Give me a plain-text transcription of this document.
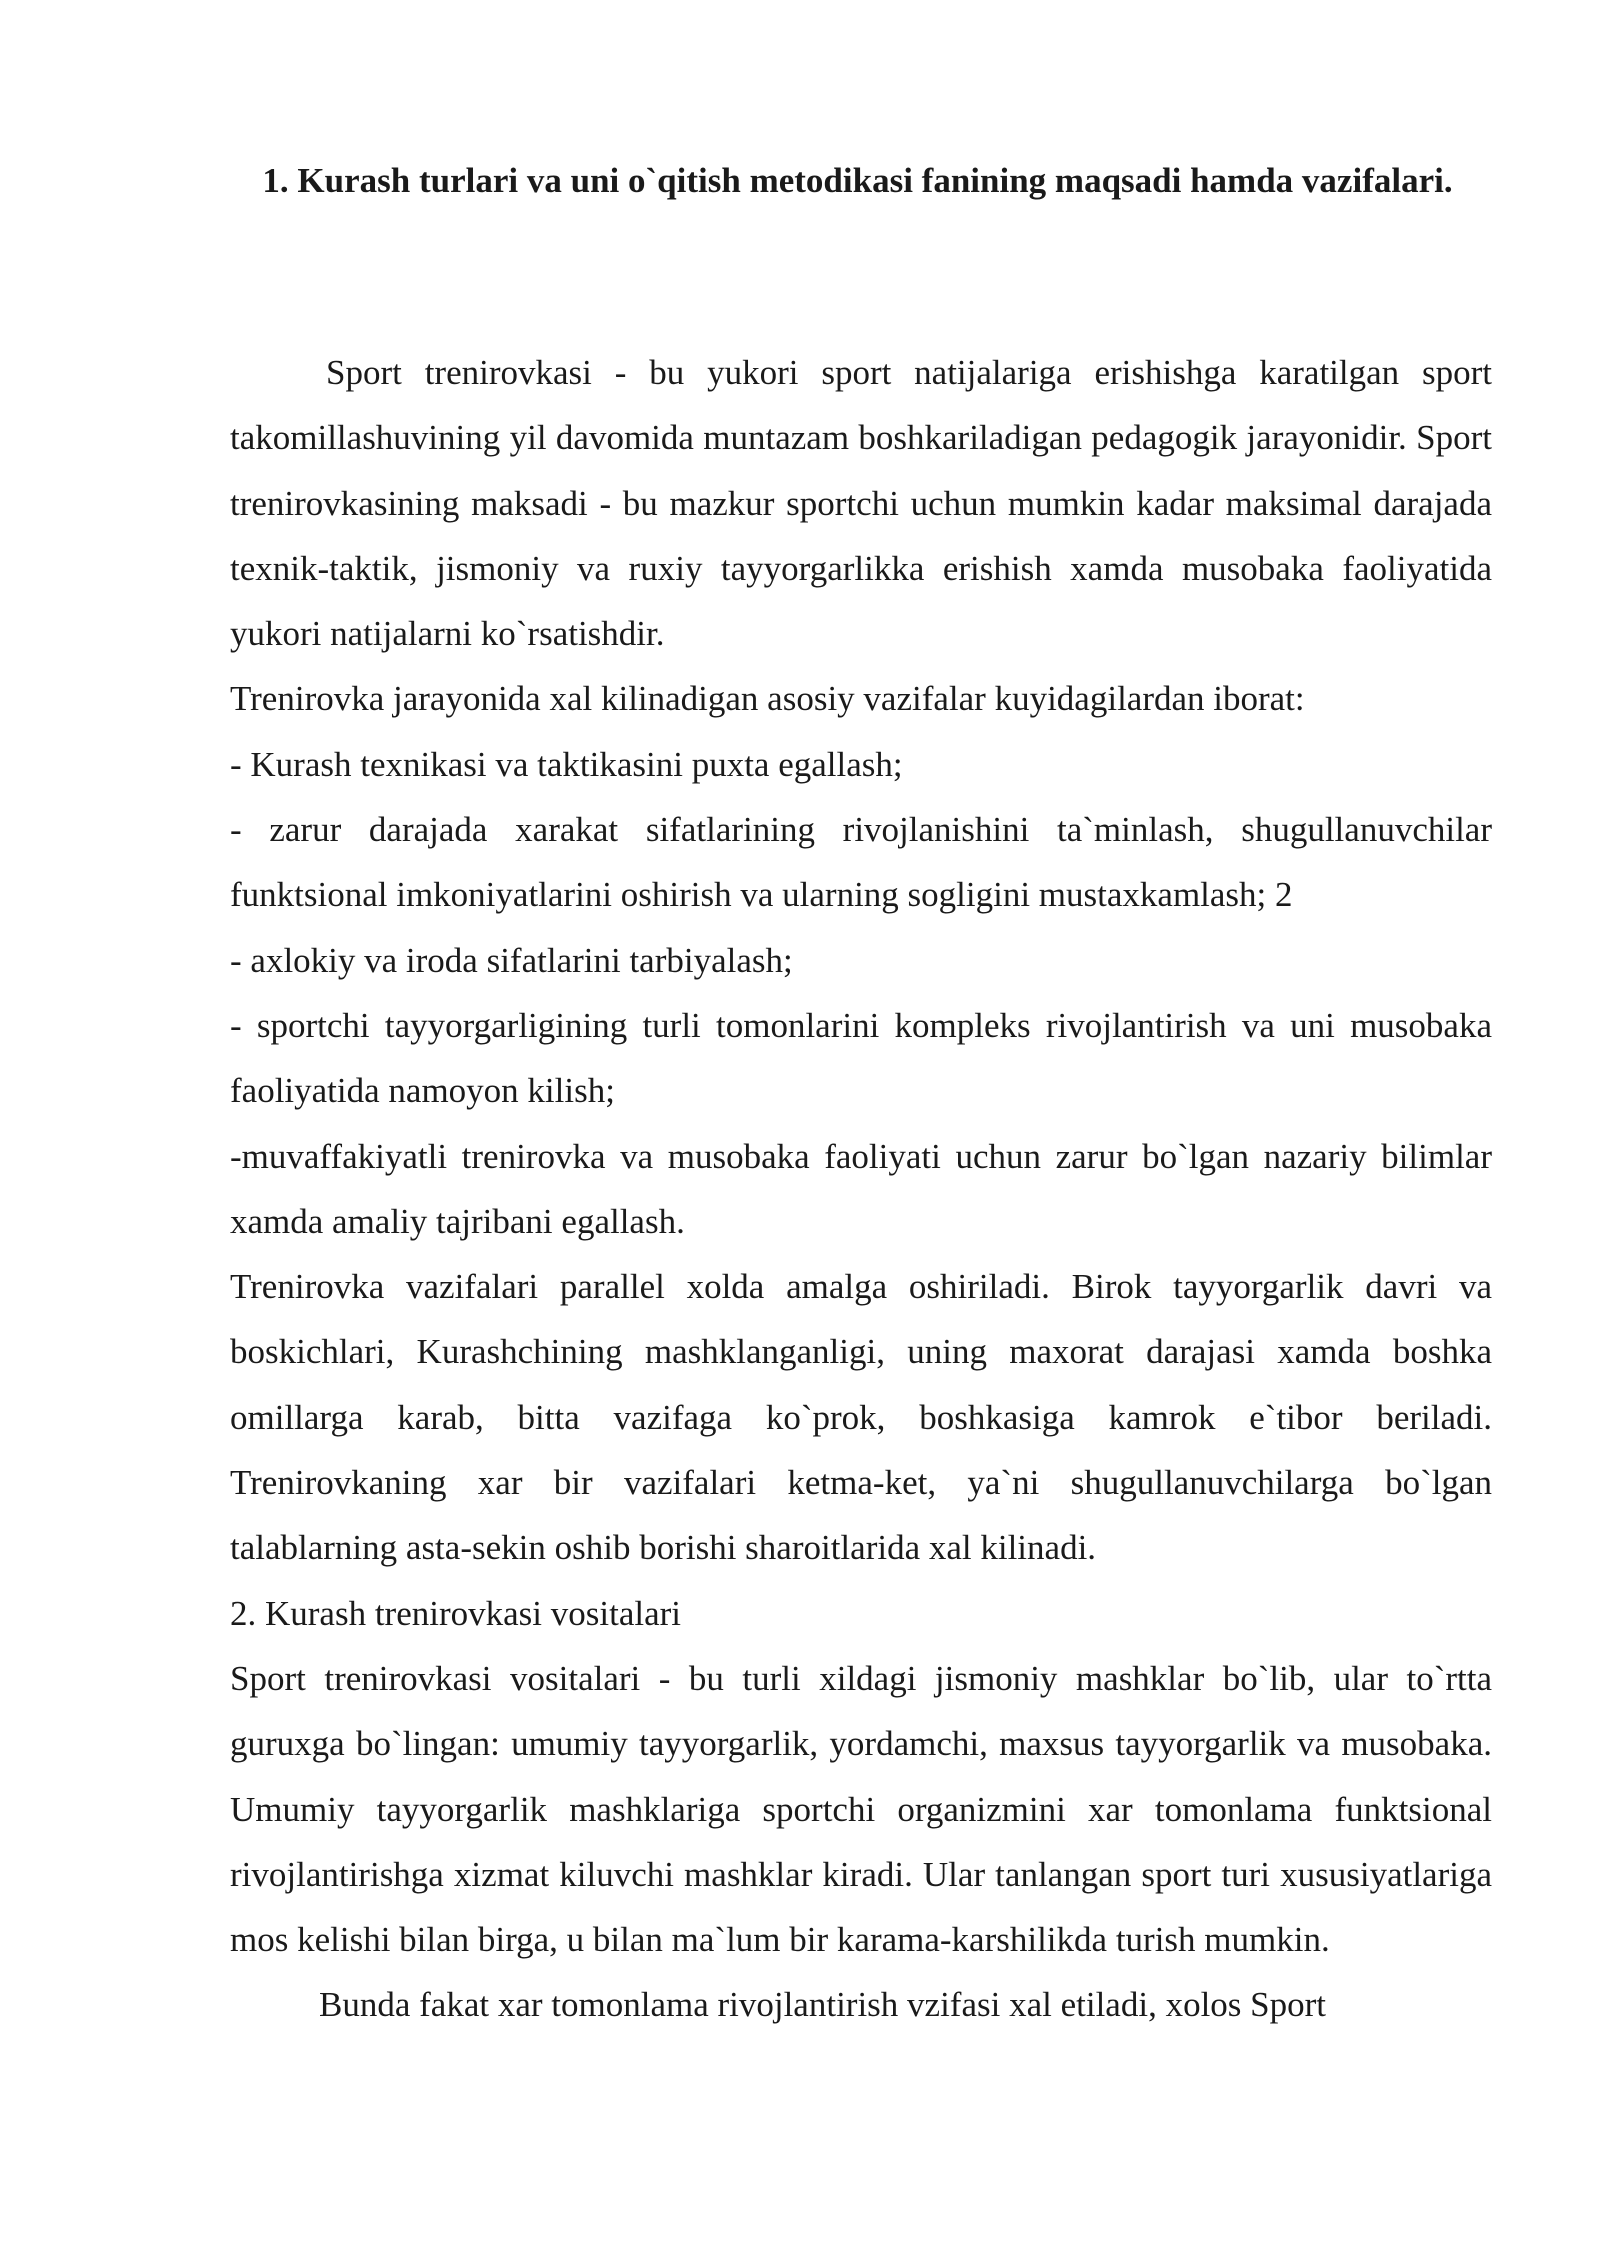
1. Kurash turlari va uni o`qitish metodikasi fanining maqsadi hamda vazifalari.

Sport trenirovkasi - bu yukori sport natijalariga erishishga karatilgan sport takomillashuvining yil davomida muntazam boshkariladigan pedagogik jarayonidir. Sport trenirovkasining maksadi - bu mazkur sportchi uchun mumkin kadar maksimal darajada texnik-taktik, jismoniy va ruxiy tayyorgarlikka erishish xamda musobaka faoliyatida yukori natijalarni ko`rsatishdir.

Trenirovka jarayonida xal kilinadigan asosiy vazifalar kuyidagilardan iborat:

- Kurash texnikasi va taktikasini puxta egallash;

- zarur darajada xarakat sifatlarining rivojlanishini ta`minlash, shugullanuvchilar funktsional imkoniyatlarini oshirish va ularning sogligini mustaxkamlash; 2

- axlokiy va iroda sifatlarini tarbiyalash;

- sportchi tayyorgarligining turli tomonlarini kompleks rivojlantirish va uni musobaka faoliyatida namoyon kilish;

-muvaffakiyatli trenirovka va musobaka faoliyati uchun zarur bo`lgan nazariy bilimlar xamda amaliy tajribani egallash.

Trenirovka vazifalari parallel xolda amalga oshiriladi. Birok tayyorgarlik davri va boskichlari, Kurashchining mashklanganligi, uning maxorat darajasi xamda boshka omillarga karab, bitta vazifaga ko`prok, boshkasiga kamrok e`tibor beriladi. Trenirovkaning xar bir vazifalari ketma-ket, ya`ni shugullanuvchilarga bo`lgan talablarning asta-sekin oshib borishi sharoitlarida xal kilinadi.

2. Kurash trenirovkasi vositalari

Sport trenirovkasi vositalari - bu turli xildagi jismoniy mashklar bo`lib, ular to`rtta guruxga bo`lingan: umumiy tayyorgarlik, yordamchi, maxsus tayyorgarlik va musobaka. Umumiy tayyorgarlik mashklariga sportchi organizmini xar tomonlama funktsional rivojlantirishga xizmat kiluvchi mashklar kiradi. Ular tanlangan sport turi xususiyatlariga mos kelishi bilan birga, u bilan ma`lum bir karama-karshilikda turish mumkin.

Bunda fakat xar tomonlama rivojlantirish vzifasi xal etiladi, xolos Sport
